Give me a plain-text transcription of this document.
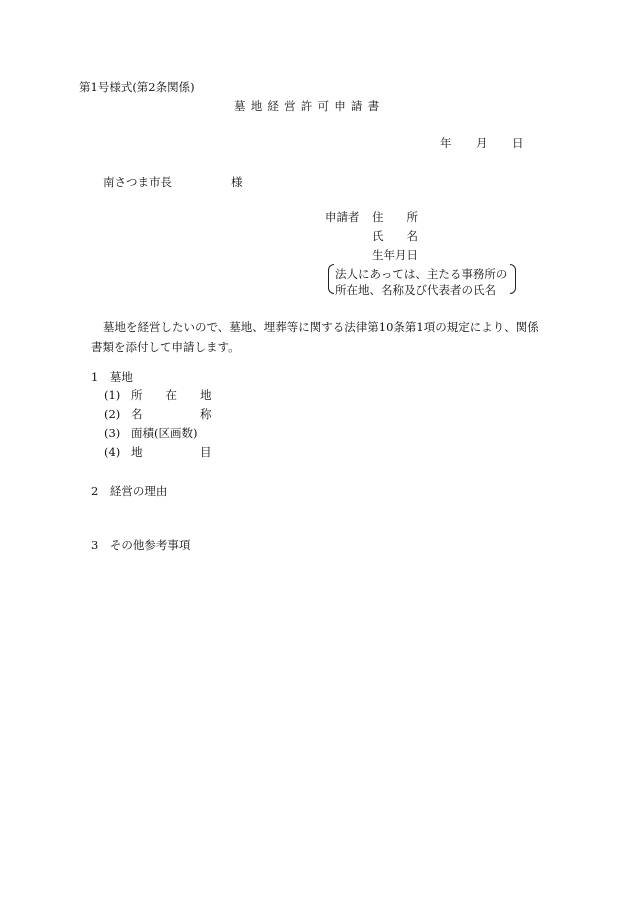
第1号様式(第2条関係)
墓地経営許可申請書
年 月 日
南さつま市長	様
申請者 住　　所
氏　　名
生年月日
法人にあっては、主たる事務所の
所在地、名称及び代表者の氏名
墓地を経営したいので、墓地、埋葬等に関する法律第10条第1項の規定により、関係書類を添付して申請します。
1　墓地
(1) 所　　在　　地
(2) 名　　　　　称
(3) 面積(区画数)
(4) 地　　　　　目
2　経営の理由
3　その他参考事項
